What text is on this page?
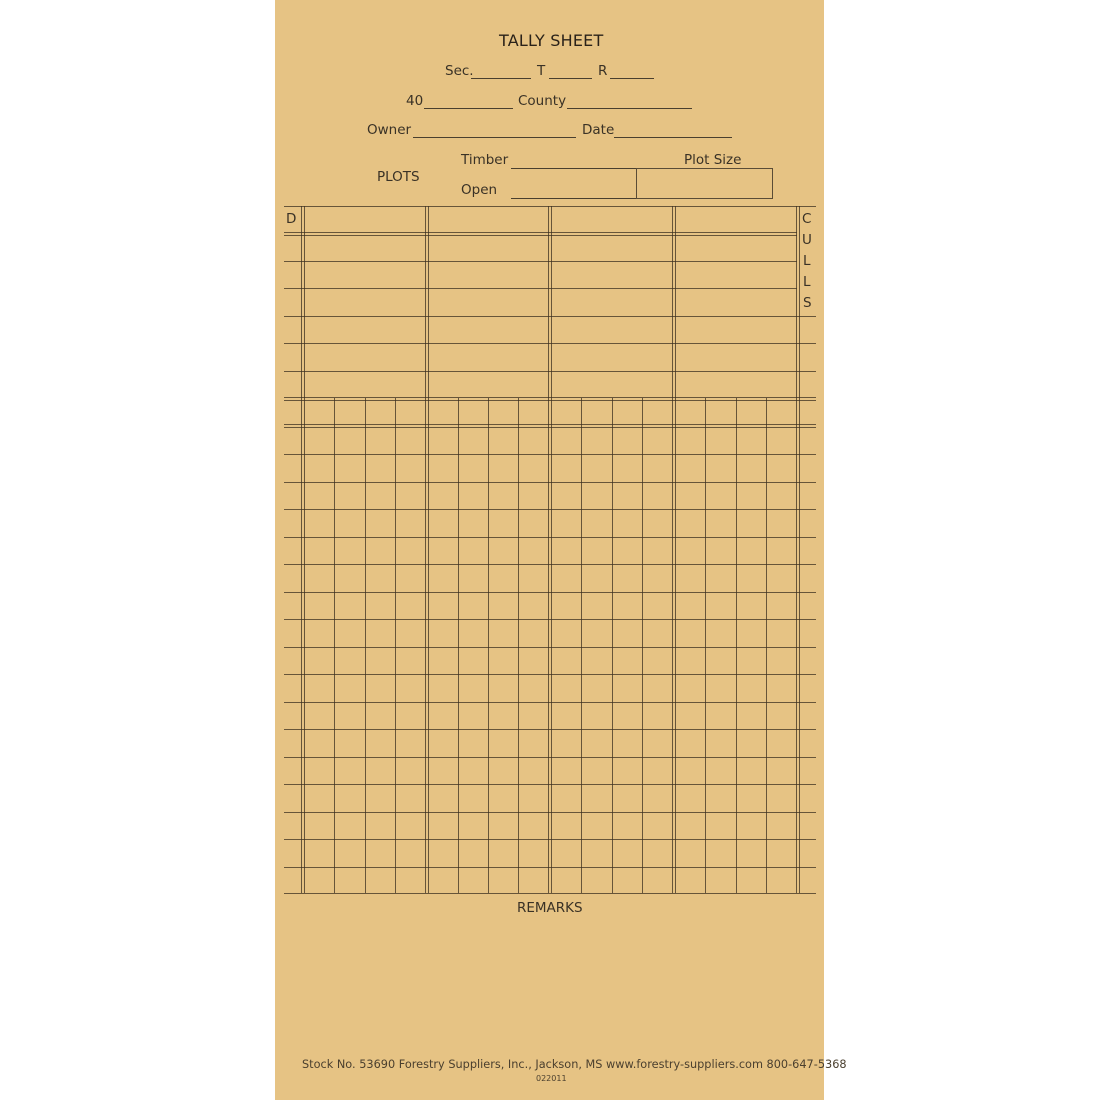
TALLY SHEET
Sec.	T	R
40	County
Owner	Date
PLOTS
Timber
Open
Plot Size
D	C
U
L
L
S
REMARKS
Stock No. 53690 Forestry Suppliers, Inc., Jackson, MS www.forestry-suppliers.com 800-647-5368
022011
